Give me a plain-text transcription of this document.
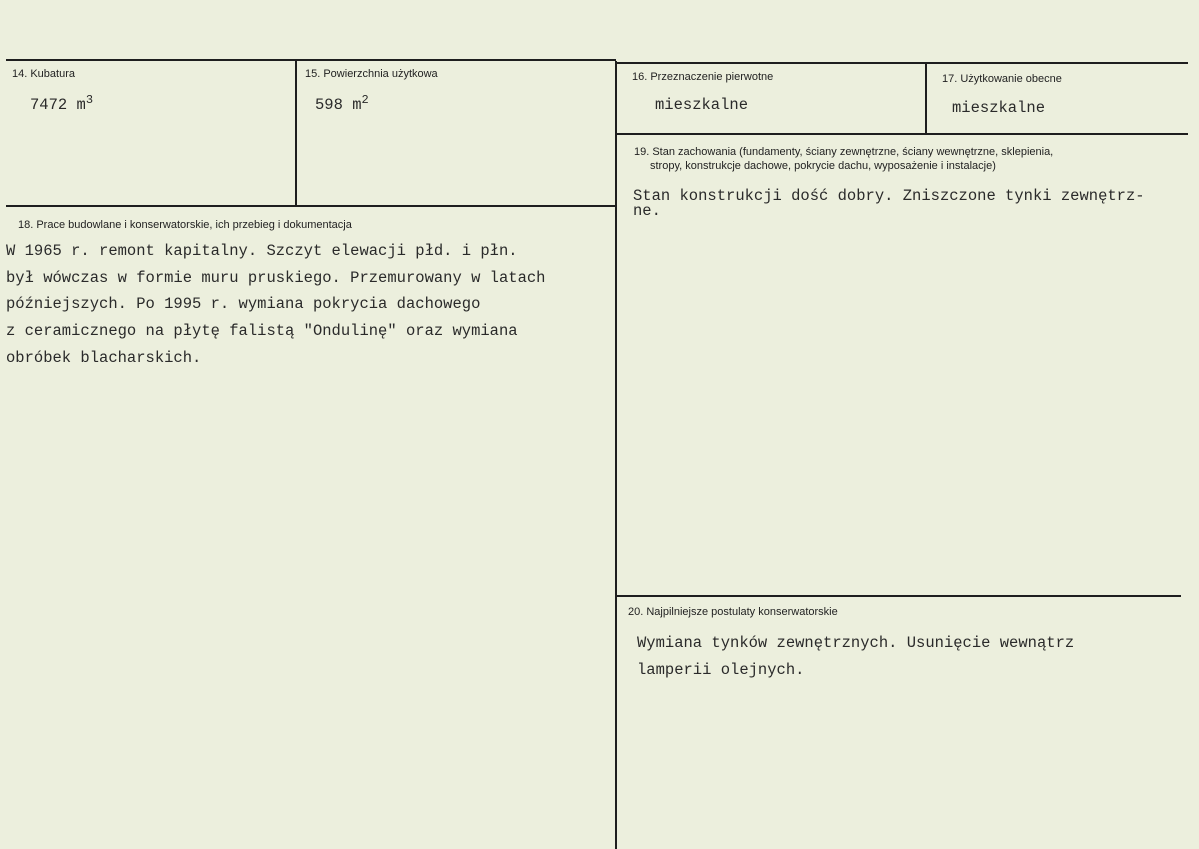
14. Kubatura
7472 $m^3$
15. Powierzchnia użytkowa
598 $m^2$
16. Przeznaczenie pierwotne
mieszkalne
17. Użytkowanie obecne
mieszkalne
18. Prace budowlane i konserwatorskie, ich przebieg i dokumentacja
W 1965 r. remont kapitalny. Szczyt elewacji płd. i płn.
był wówczas w formie muru pruskiego. Przemurowany w latach
późniejszych. Po 1995 r. wymiana pokrycia dachowego
z ceramicznego na płytę falistą "Ondulinę" oraz wymiana
obróbek blacharskich.
19. Stan zachowania (fundamenty, ściany zewnętrzne, ściany wewnętrzne, sklepienia,
stropy, konstrukcje dachowe, pokrycie dachu, wyposażenie i instalacje)
Stan konstrukcji dość dobry. Zniszczone tynki zewnętrz-
ne.
20. Najpilniejsze postulaty konserwatorskie
Wymiana tynków zewnętrznych. Usunięcie wewnątrz
lamperii olejnych.
